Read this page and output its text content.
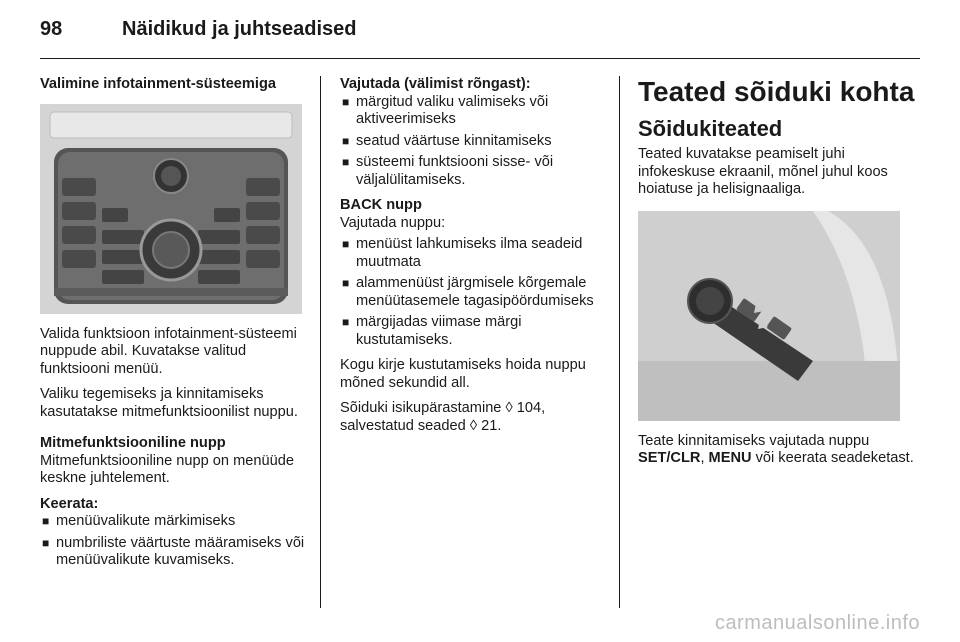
98	Näidikud ja juhtseadised

Valimine infotainment-süsteemiga

Valida funktsioon infotainment-süsteemi nuppude abil. Kuvatakse valitud funktsiooni menüü.

Valiku tegemiseks ja kinnitamiseks kasutatakse mitmefunktsioonilist nuppu.

Mitmefunktsiooniline nupp

Mitmefunktsiooniline nupp on menüüde keskne juhtelement.

Keerata:

■ menüüvalikute märkimiseks
■ numbriliste väärtuste määramiseks või menüüvalikute kuvamiseks.

Vajutada (välimist rõngast):

■ märgitud valiku valimiseks või aktiveerimiseks
■ seatud väärtuse kinnitamiseks
■ süsteemi funktsiooni sisse- või väljalülitamiseks.

BACK nupp

Vajutada nuppu:

■ menüüst lahkumiseks ilma seadeid muutmata
■ alammenüüst järgmisele kõrgemale menüütasemele tagasipöördumiseks
■ märgijadas viimase märgi kustutamiseks.

Kogu kirje kustutamiseks hoida nuppu mõned sekundid all.

Sõiduki isikupärastamine ◊ 104,
salvestatud seaded ◊ 21.

Teated sõiduki kohta
Sõidukiteated

Teated kuvatakse peamiselt juhi infokeskuse ekraanil, mõnel juhul koos hoiatuse ja helisignaaliga.

Teate kinnitamiseks vajutada nuppu SET/CLR, MENU või keerata seadeketast.

carmanualsonline.info
